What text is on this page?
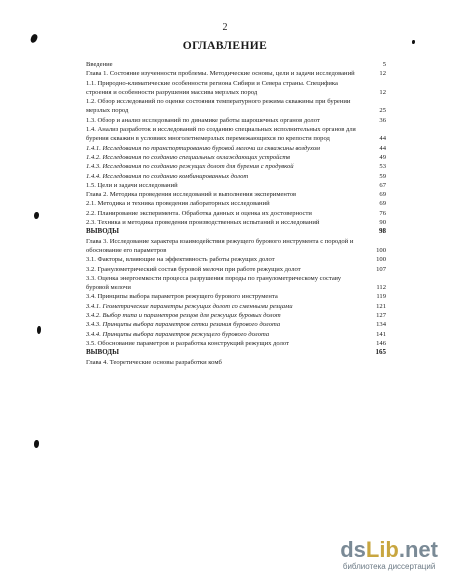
2
ОГЛАВЛЕНИЕ
Введение	5
Глава 1. Состояние изученности проблемы. Методические основы, цели и задачи исследований	12
1.1. Природно-климатические особенности региона Сибири и Севера страны. Специфика строения и особенности разрушения массива мерзлых пород	12
1.2. Обзор исследований по оценке состояния температурного режима скважины при бурении мерзлых пород	25
1.3. Обзор и анализ исследований по динамике работы шарошечных органов долот	36
1.4. Анализ разработок и исследований по созданию специальных исполнительных органов для бурения скважин в условиях многолетнемерзлых перемежающихся по крепости пород	44
1.4.1. Исследования по транспортированию буровой мелочи из скважины воздухом	44
1.4.2. Исследования по созданию специальных охлаждающих устройств	49
1.4.3. Исследования по созданию режущих долот для бурения с продувкой	53
1.4.4. Исследования по созданию комбинированных долот	59
1.5. Цели и задачи исследований	67
Глава 2. Методика проведения исследований и выполнения экспериментов	69
2.1. Методика и техника проведения лабораторных исследований	69
2.2. Планирование эксперимента. Обработка данных и оценка их достоверности	76
2.3. Техника и методика проведения производственных испытаний и исследований	90
ВЫВОДЫ	98
Глава 3. Исследование характера взаимодействия режущего бурового инструмента с породой и обоснование его параметров	100
3.1. Факторы, влияющие на эффективность работы режущих долот	100
3.2. Гранулометрический состав буровой мелочи при работе режущих долот	107
3.3. Оценка энергоемкости процесса разрушения породы по гранулометрическому составу буровой мелочи	112
3.4. Принципы выбора параметров режущего бурового инструмента	119
3.4.1. Геометрические параметры режущих долот со сменными резцами	121
3.4.2. Выбор типа и параметров резцов для режущих буровых долот	127
3.4.3. Принципы выбора параметров сетки резания бурового долота	134
3.4.4. Принципы выбора параметров режущего бурового долота	141
3.5. Обоснование параметров и разработка конструкций режущих долот	146
ВЫВОДЫ	165
Глава 4. Теоретические основы разработки комб
dsLib.net
библиотека диссертаций
